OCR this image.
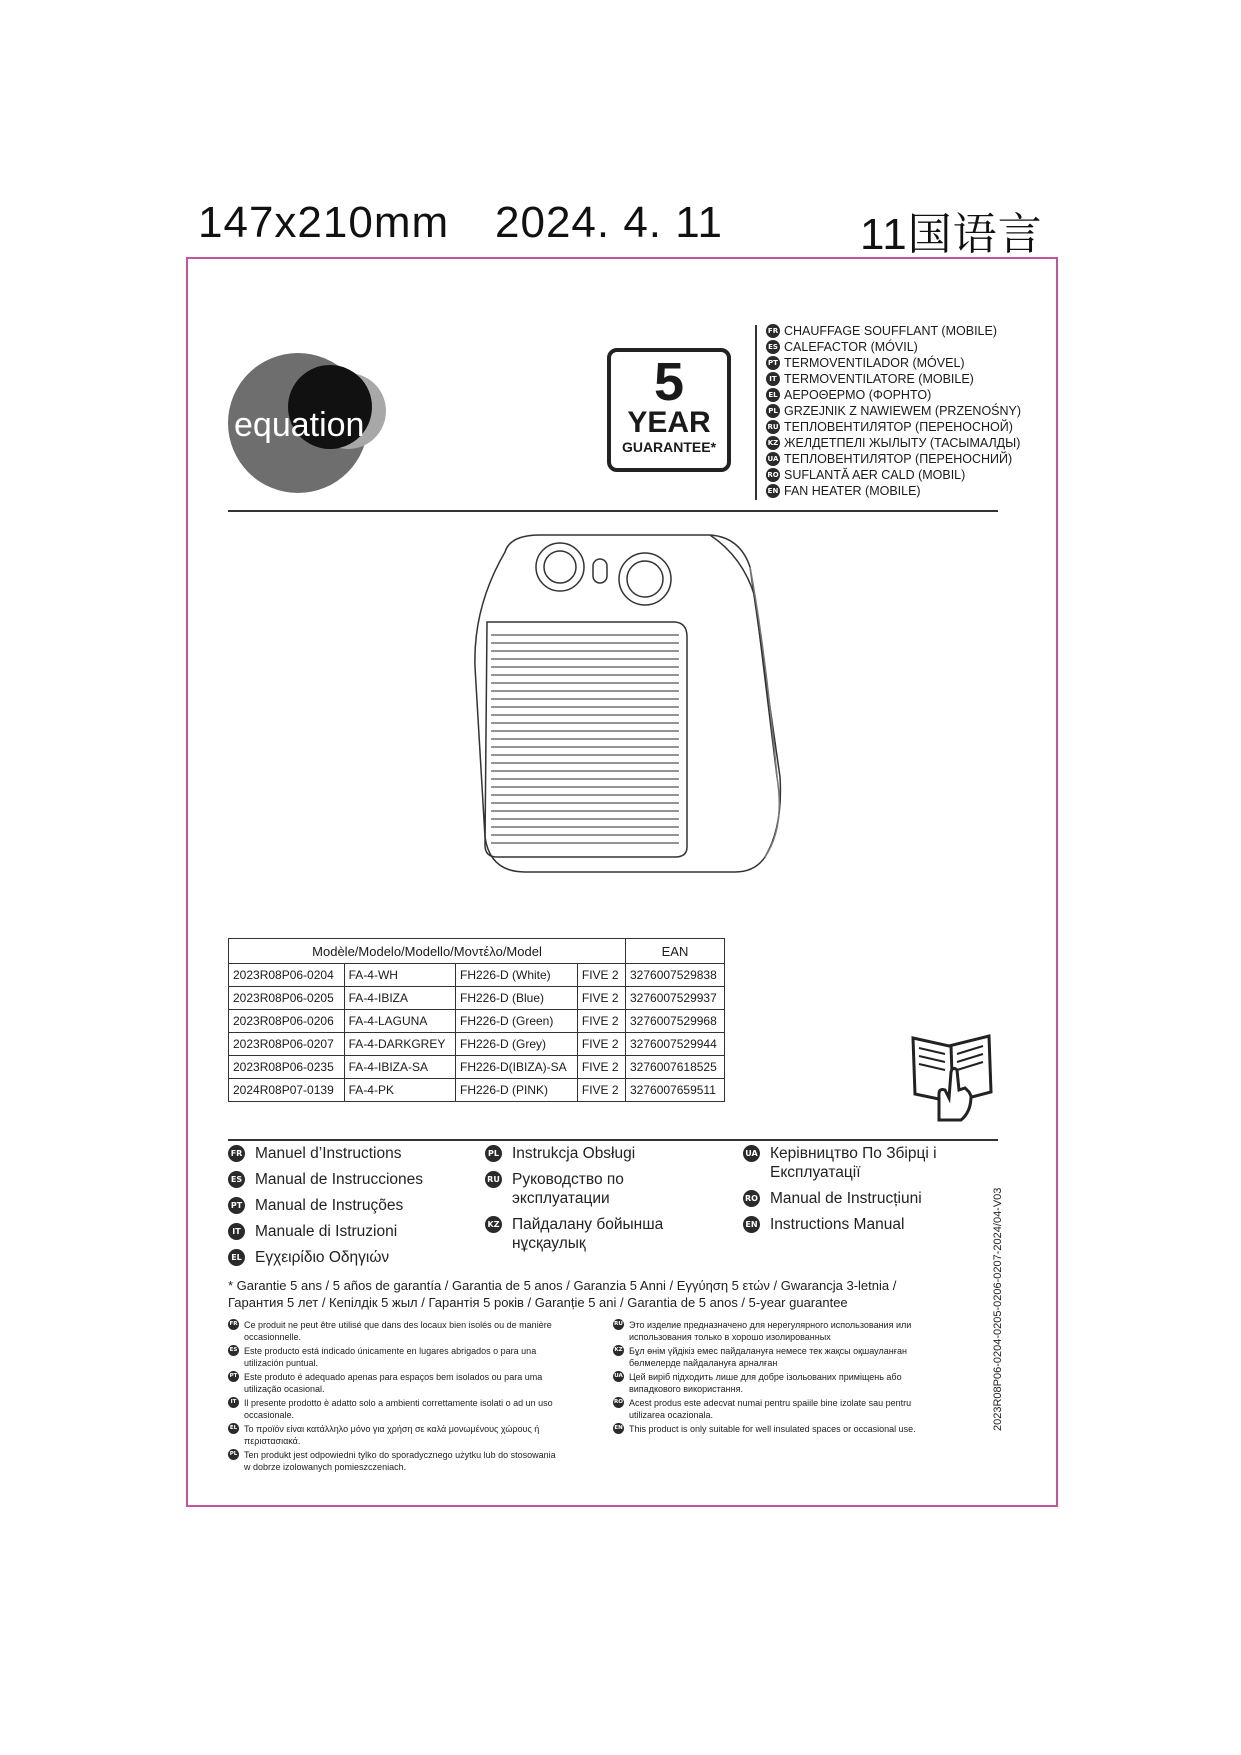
147x210mm 2024. 4. 11	11国语言
equation
5
YEAR
GUARANTEE*
FR CHAUFFAGE SOUFFLANT (MOBILE)
ES CALEFACTOR (MÓVIL)
PT TERMOVENTILADOR (MÓVEL)
IT TERMOVENTILATORE (MOBILE)
EL ΑΕΡΟΘΕΡΜΟ (ΦΟΡΗΤΟ)
PL GRZEJNIK Z NAWIEWEM (PRZENOŚNY)
RU ТЕПЛОВЕНТИЛЯТОР (ПЕРЕНОСНОЙ)
KZ ЖЕЛДЕТПЕЛІ ЖЫЛЫТУ (ТАСЫМАЛДЫ)
UA ТЕПЛОВЕНТИЛЯТОР (ПЕРЕНОСНИЙ)
RO SUFLANTĂ AER CALD (MOBIL)
EN FAN HEATER (MOBILE)
Modèle/Modelo/Modello/Μοντέλο/Model				EAN
2023R08P06-0204	FA-4-WH	FH226-D (White)	FIVE 2	3276007529838
2023R08P06-0205	FA-4-IBIZA	FH226-D (Blue)	FIVE 2	3276007529937
2023R08P06-0206	FA-4-LAGUNA	FH226-D (Green)	FIVE 2	3276007529968
2023R08P06-0207	FA-4-DARKGREY	FH226-D (Grey)	FIVE 2	3276007529944
2023R08P06-0235	FA-4-IBIZA-SA	FH226-D(IBIZA)-SA	FIVE 2	3276007618525
2024R08P07-0139	FA-4-PK	FH226-D (PINK)	FIVE 2	3276007659511
FR Manuel d’Instructions
ES Manual de Instrucciones
PT Manual de Instruções
IT Manuale di Istruzioni
EL Εγχειρίδιο Οδηγιών
PL Instrukcja Obsługi
RU Руководство по эксплуатации
KZ Пайдалану бойынша нұсқаулық
UA Керівництво По Збірці і Експлуатації
RO Manual de Instrucțiuni
EN Instructions Manual
* Garantie 5 ans / 5 años de garantía / Garantia de 5 anos / Garanzia 5 Anni / Εγγύηση 5 ετών / Gwarancja 3-letnia / Гарантия 5 лет / Кепілдік 5 жыл / Гарантія 5 років / Garanție 5 ani / Garantia de 5 anos / 5-year guarantee
FR Ce produit ne peut être utilisé que dans des locaux bien isolés ou de manière occasionnelle.
ES Este producto está indicado únicamente en lugares abrigados o para una utilización puntual.
PT Este produto é adequado apenas para espaços bem isolados ou para uma utilização ocasional.
IT Il presente prodotto è adatto solo a ambienti correttamente isolati o ad un uso occasionale.
EL Το προϊόν είναι κατάλληλο μόνο για χρήση σε καλά μονωμένους χώρους ή περιστασιακά.
PL Ten produkt jest odpowiedni tylko do sporadycznego użytku lub do stosowania w dobrze izolowanych pomieszczeniach.
RU Это изделие предназначено для нерегулярного использования или использования только в хорошо изолированных
KZ Бұл өнім үйдікіз емес пайдалануға немесе тек жақсы оқшауланған бөлмелерде пайдалануға арналған
UA Цей виріб підходить лише для добре ізольованих приміщень або випадкового використання.
RO Acest produs este adecvat numai pentru spaiile bine izolate sau pentru utilizarea ocazionala.
EN This product is only suitable for well insulated spaces or occasional use.	2023R08P06-0204-0205-0206-0207-2024/04-V03
